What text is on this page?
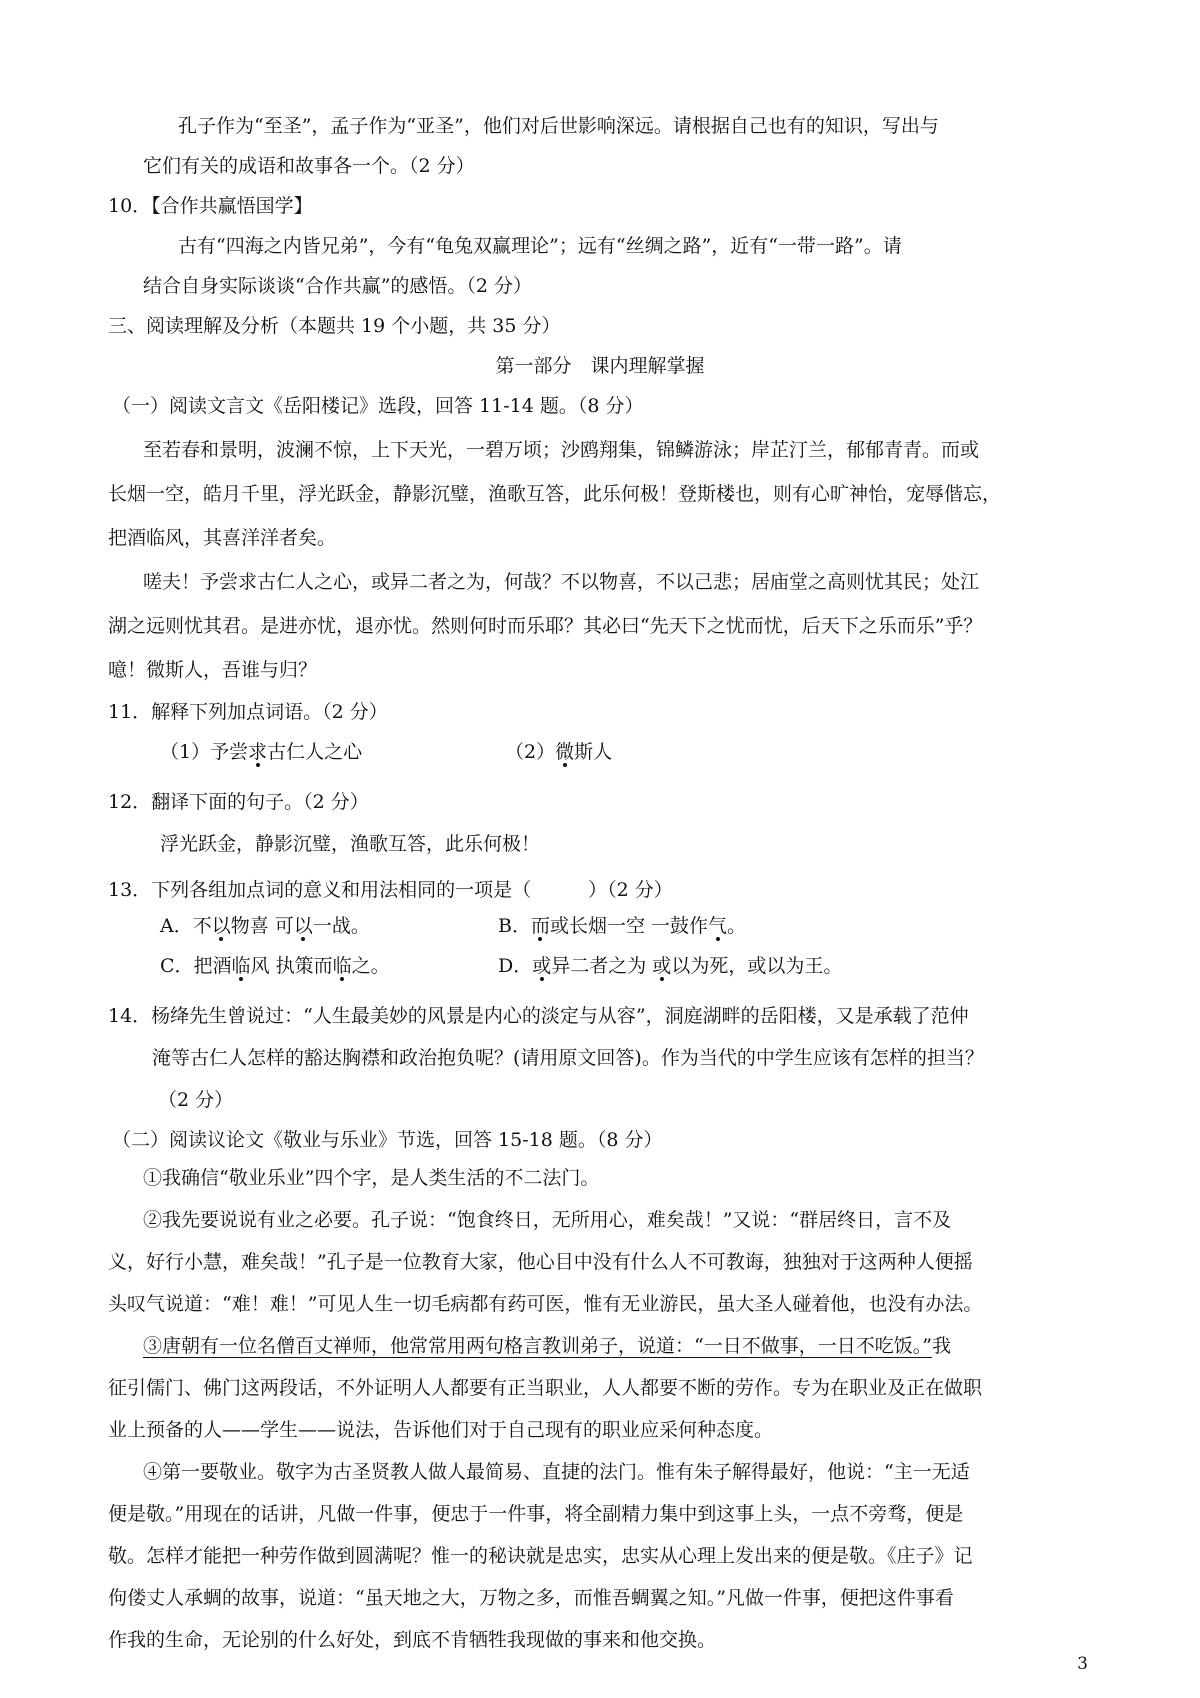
孔子作为“至圣”，孟子作为“亚圣”，他们对后世影响深远。请根据自己也有的知识，写出与
它们有关的成语和故事各一个。（2 分）
10．【合作共赢悟国学】
古有“四海之内皆兄弟”，今有“龟兔双赢理论”；远有“丝绸之路”，近有“一带一路”。请
结合自身实际谈谈“合作共赢”的感悟。（2 分）
三、阅读理解及分析（本题共 19 个小题，共 35 分）
第一部分　课内理解掌握
（一）阅读文言文《岳阳楼记》选段，回答 11-14 题。（8 分）
至若春和景明，波澜不惊，上下天光，一碧万顷；沙鸥翔集，锦鳞游泳；岸芷汀兰，郁郁青青。而或
长烟一空，皓月千里，浮光跃金，静影沉璧，渔歌互答，此乐何极！登斯楼也，则有心旷神怡，宠辱偕忘，
把酒临风，其喜洋洋者矣。
嗟夫！予尝求古仁人之心，或异二者之为，何哉？不以物喜，不以己悲；居庙堂之高则忧其民；处江
湖之远则忧其君。是进亦忧，退亦忧。然则何时而乐耶？其必曰“先天下之忧而忧，后天下之乐而乐”乎？
噫！微斯人，吾谁与归？
11．解释下列加点词语。（2 分）
（1）予尝求古仁人之心	（2）微斯人
12．翻译下面的句子。（2 分）
浮光跃金，静影沉璧，渔歌互答，此乐何极！
13．下列各组加点词的意义和用法相同的一项是（　　　）（2 分）
A．不以物喜 可以一战。	B．而或长烟一空 一鼓作气。
C．把酒临风 执策而临之。	D．或异二者之为 或以为死，或以为王。
14．杨绛先生曾说过：“人生最美妙的风景是内心的淡定与从容”，洞庭湖畔的岳阳楼，又是承载了范仲
淹等古仁人怎样的豁达胸襟和政治抱负呢？(请用原文回答)。作为当代的中学生应该有怎样的担当？
（2 分）
（二）阅读议论文《敬业与乐业》节选，回答 15-18 题。（8 分）
①我确信“敬业乐业”四个字，是人类生活的不二法门。
②我先要说说有业之必要。孔子说：“饱食终日，无所用心，难矣哉！”又说：“群居终日，言不及
义，好行小慧，难矣哉！”孔子是一位教育大家，他心目中没有什么人不可教诲，独独对于这两种人便摇
头叹气说道：“难！难！”可见人生一切毛病都有药可医，惟有无业游民，虽大圣人碰着他，也没有办法。
③唐朝有一位名僧百丈禅师，他常常用两句格言教训弟子，说道：“一日不做事，一日不吃饭。”我
征引儒门、佛门这两段话，不外证明人人都要有正当职业，人人都要不断的劳作。专为在职业及正在做职
业上预备的人——学生——说法，告诉他们对于自己现有的职业应采何种态度。
④第一要敬业。敬字为古圣贤教人做人最简易、直捷的法门。惟有朱子解得最好，他说：“主一无适
便是敬。”用现在的话讲，凡做一件事，便忠于一件事，将全副精力集中到这事上头，一点不旁骛，便是
敬。怎样才能把一种劳作做到圆满呢？惟一的秘诀就是忠实，忠实从心理上发出来的便是敬。《庄子》记
佝偻丈人承蜩的故事，说道：“虽天地之大，万物之多，而惟吾蜩翼之知。”凡做一件事，便把这件事看
作我的生命，无论别的什么好处，到底不肯牺牲我现做的事来和他交换。
3
